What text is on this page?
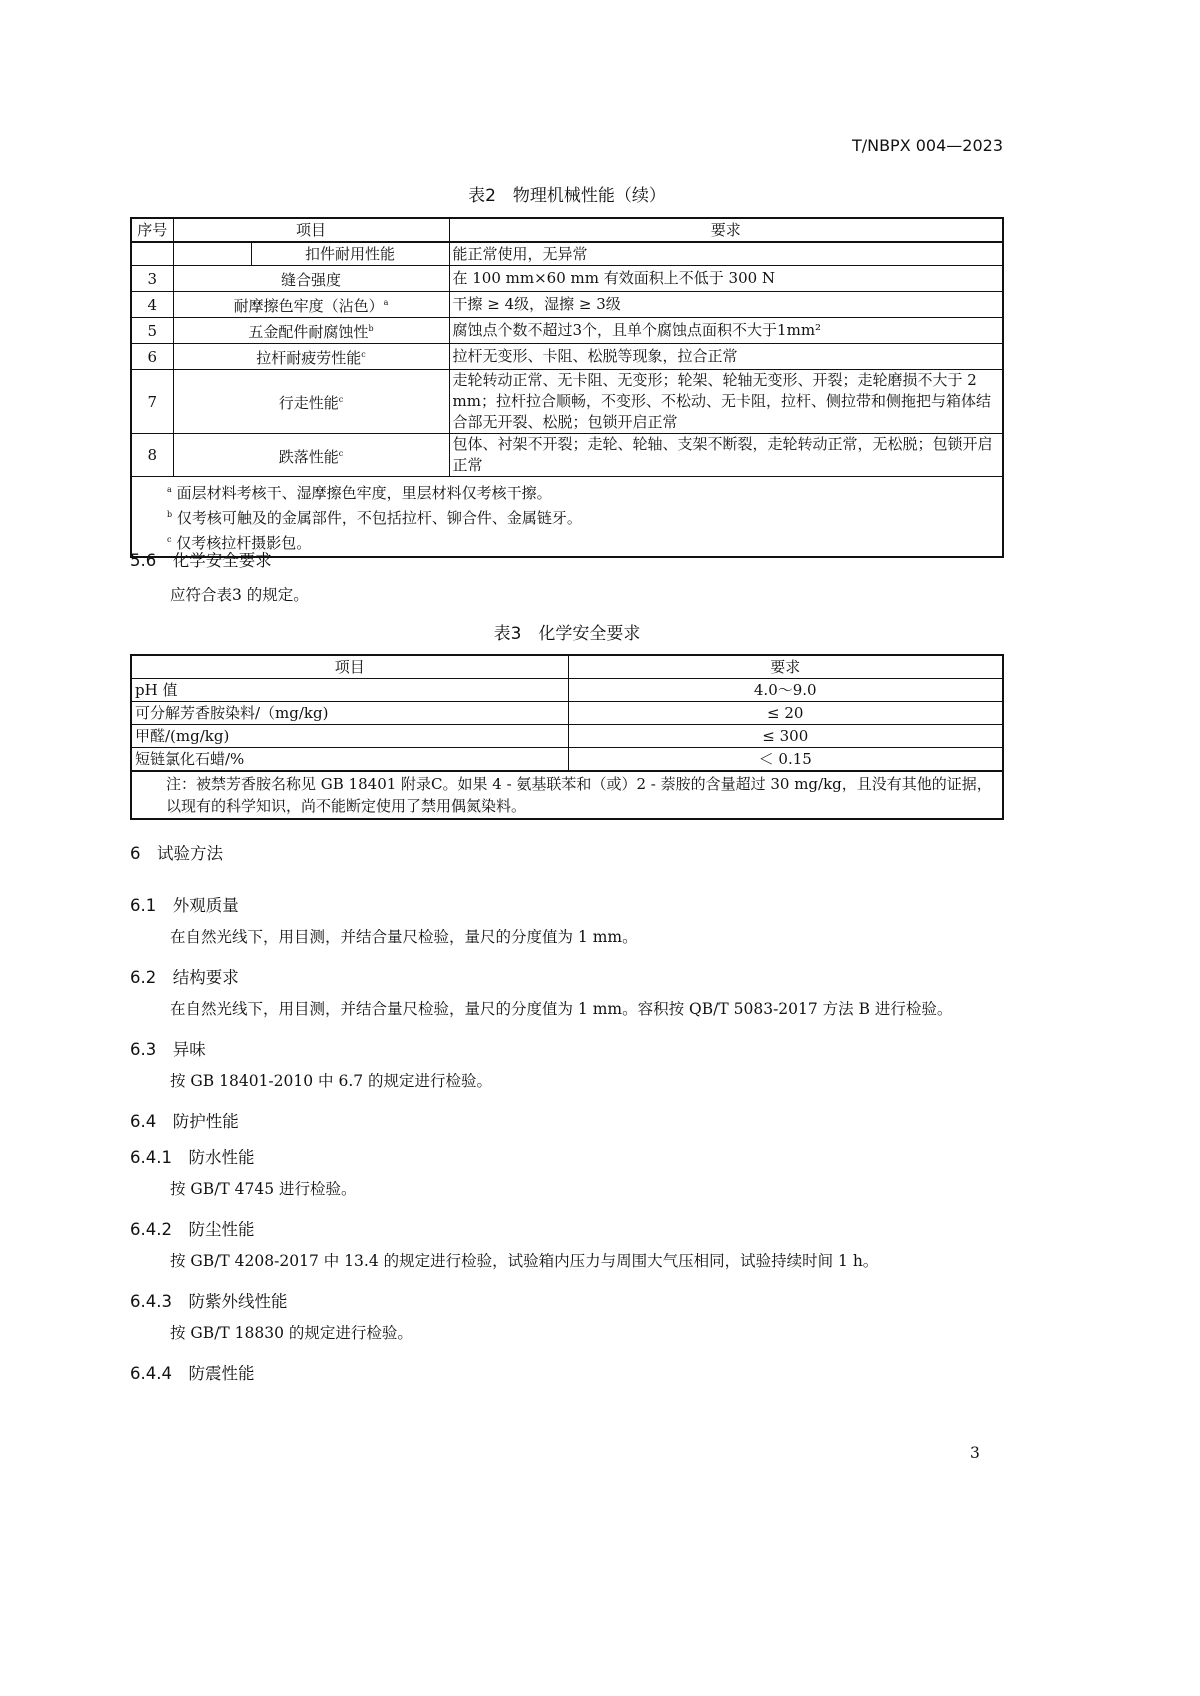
T/NBPX 004—2023
表2　物理机械性能（续）
序号	项目		要求
		扣件耐用性能	能正常使用，无异常
3	缝合强度		在 100 mm×60 mm 有效面积上不低于 300 N
4	耐摩擦色牢度（沾色）$^a$		干擦 ≥ 4级，湿擦 ≥ 3级
5	五金配件耐腐蚀性$^b$		腐蚀点个数不超过3个，且单个腐蚀点面积不大于1mm²
6	拉杆耐疲劳性能$^c$		拉杆无变形、卡阻、松脱等现象，拉合正常
7	行走性能$^c$		走轮转动正常、无卡阻、无变形；轮架、轮轴无变形、开裂；走轮磨损不大于 2 mm；拉杆拉合顺畅，不变形、不松动、无卡阻，拉杆、侧拉带和侧拖把与箱体结合部无开裂、松脱；包锁开启正常
8	跌落性能$^c$		包体、衬架不开裂；走轮、轮轴、支架不断裂，走轮转动正常，无松脱；包锁开启正常

$^a$ 面层材料考核干、湿摩擦色牢度，里层材料仅考核干擦。
$^b$ 仅考核可触及的金属部件，不包括拉杆、铆合件、金属链牙。
$^c$ 仅考核拉杆摄影包。			
5.6　化学安全要求
应符合表3 的规定。
表3　化学安全要求
项目	要求
pH 值	4.0～9.0
可分解芳香胺染料/（mg/kg)	≤ 20
甲醛/(mg/kg)	≤ 300
短链氯化石蜡/%	＜ 0.15
注：被禁芳香胺名称见 GB 18401 附录C。如果 4 - 氨基联苯和（或）2 - 萘胺的含量超过 30 mg/kg，且没有其他的证据，以现有的科学知识，尚不能断定使用了禁用偶氮染料。	
6　试验方法
6.1　外观质量
在自然光线下，用目测，并结合量尺检验，量尺的分度值为 1 mm。
6.2　结构要求
在自然光线下，用目测，并结合量尺检验，量尺的分度值为 1 mm。容积按 QB/T 5083-2017 方法 B 进行检验。
6.3　异味
按 GB 18401-2010 中 6.7 的规定进行检验。
6.4　防护性能
6.4.1　防水性能
按 GB/T 4745 进行检验。
6.4.2　防尘性能
按 GB/T 4208-2017 中 13.4 的规定进行检验，试验箱内压力与周围大气压相同，试验持续时间 1 h。
6.4.3　防紫外线性能
按 GB/T 18830 的规定进行检验。
6.4.4　防震性能
3
